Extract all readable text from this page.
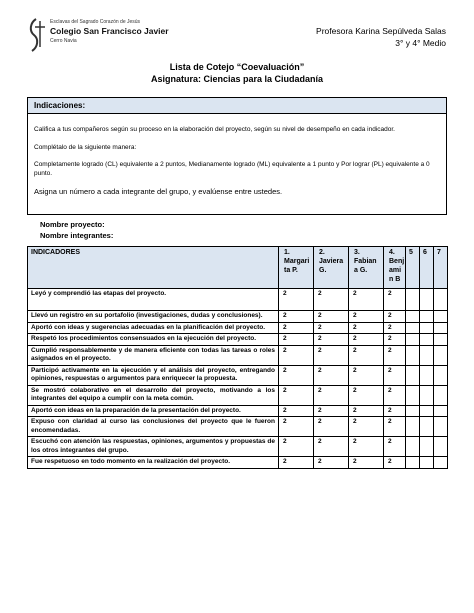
Esclavas del Sagrado Corazón de Jesús
Colegio San Francisco Javier
Cerro Navia
Profesora Karina Sepúlveda Salas
3° y 4° Medio
Lista de Cotejo “Coevaluación”
Asignatura: Ciencias para la Ciudadanía
Indicaciones:

Califica a tus compañeros según su proceso en la elaboración del proyecto, según su nivel de desempeño en cada indicador.

Complétalo de la siguiente manera:

Completamente logrado (CL) equivalente a 2 puntos, Medianamente logrado (ML) equivalente a 1 punto y Por lograr (PL) equivalente a 0 punto.

Asigna un número a cada integrante del grupo, y evalúense entre ustedes.

Nombre proyecto:
Nombre integrantes:
INDICADORES	1. Margari ta P.	2. Javiera G.	3. Fabian a G.	4. Benj ami n B	5	6	7
Leyó y comprendió las etapas del proyecto.	2	2	2	2			
Llevó un registro en su portafolio (investigaciones, dudas y conclusiones).	2	2	2	2			
Aportó con ideas y sugerencias adecuadas en la planificación del proyecto.	2	2	2	2			
Respetó los procedimientos consensuados en la ejecución del proyecto.	2	2	2	2			
Cumplió responsablemente y de manera eficiente con todas las tareas o roles asignados en el proyecto.	2	2	2	2			
Participó activamente en la ejecución y el análisis del proyecto, entregando opiniones, respuestas o argumentos para enriquecer la propuesta.	2	2	2	2			
Se mostró colaborativo en el desarrollo del proyecto, motivando a los integrantes del equipo a cumplir con la meta común.	2	2	2	2			
Aportó con ideas en la preparación de la presentación del proyecto.	2	2	2	2			
Expuso con claridad al curso las conclusiones del proyecto que le fueron encomendadas.	2	2	2	2			
Escuchó con atención las respuestas, opiniones, argumentos y propuestas de los otros integrantes del grupo.	2	2	2	2			
Fue respetuoso en todo momento en la realización del proyecto.	2	2	2	2			
